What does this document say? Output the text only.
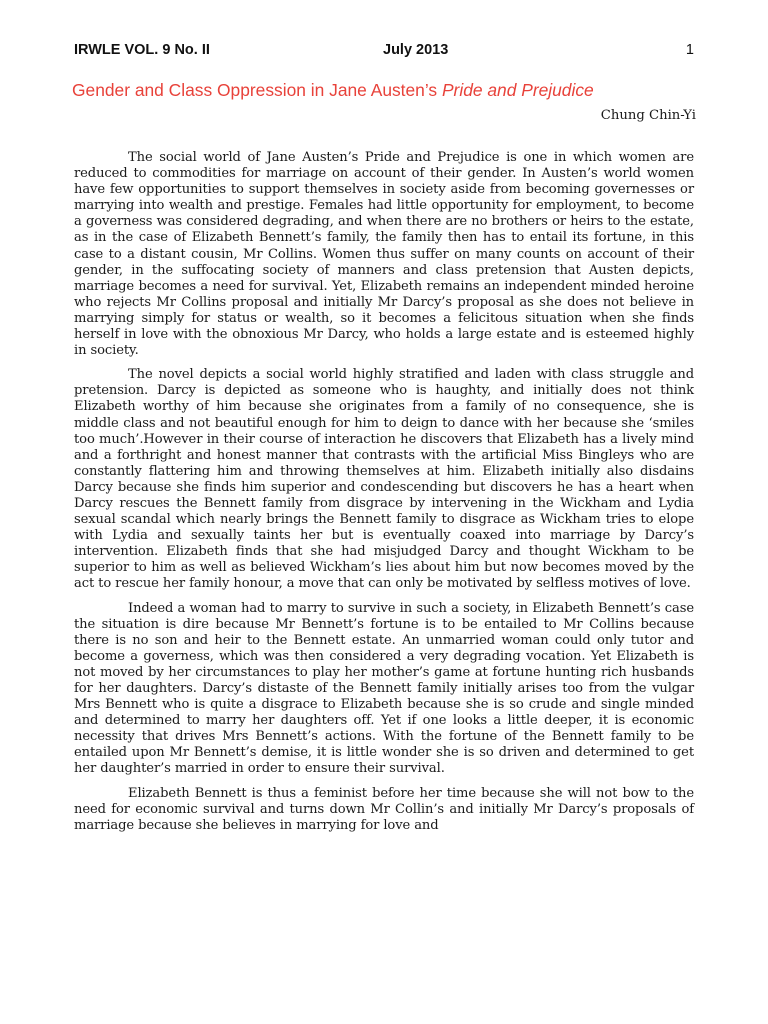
IRWLE VOL. 9 No. II	July 2013	1
Gender and Class Oppression in Jane Austen’s Pride and Prejudice
Chung Chin-Yi

The social world of Jane Austen’s Pride and Prejudice is one in which women are reduced to commodities for marriage on account of their gender. In Austen’s world women have few opportunities to support themselves in society aside from becoming governesses or marrying into wealth and prestige. Females had little opportunity for employment, to become a governess was considered degrading, and when there are no brothers or heirs to the estate, as in the case of Elizabeth Bennett’s family, the family then has to entail its fortune, in this case to a distant cousin, Mr Collins. Women thus suffer on many counts on account of their gender, in the suffocating society of manners and class pretension that Austen depicts, marriage becomes a need for survival. Yet, Elizabeth remains an independent minded heroine who rejects Mr Collins proposal and initially Mr Darcy’s proposal as she does not believe in marrying simply for status or wealth, so it becomes a felicitous situation when she finds herself in love with the obnoxious Mr Darcy, who holds a large estate and is esteemed highly in society.

The novel depicts a social world highly stratified and laden with class struggle and pretension. Darcy is depicted as someone who is haughty, and initially does not think Elizabeth worthy of him because she originates from a family of no consequence, she is middle class and not beautiful enough for him to deign to dance with her because she ‘smiles too much’.However in their course of interaction he discovers that Elizabeth has a lively mind and a forthright and honest manner that contrasts with the artificial Miss Bingleys who are constantly flattering him and throwing themselves at him. Elizabeth initially also disdains Darcy because she finds him superior and condescending but discovers he has a heart when Darcy rescues the Bennett family from disgrace by intervening in the Wickham and Lydia sexual scandal which nearly brings the Bennett family to disgrace as Wickham tries to elope with Lydia and sexually taints her but is eventually coaxed into marriage by Darcy’s intervention. Elizabeth finds that she had misjudged Darcy and thought Wickham to be superior to him as well as believed Wickham’s lies about him but now becomes moved by the act to rescue her family honour, a move that can only be motivated by selfless motives of love.

Indeed a woman had to marry to survive in such a society, in Elizabeth Bennett’s case the situation is dire because Mr Bennett’s fortune is to be entailed to Mr Collins because there is no son and heir to the Bennett estate. An unmarried woman could only tutor and become a governess, which was then considered a very degrading vocation. Yet Elizabeth is not moved by her circumstances to play her mother’s game at fortune hunting rich husbands for her daughters. Darcy’s distaste of the Bennett family initially arises too from the vulgar Mrs Bennett who is quite a disgrace to Elizabeth because she is so crude and single minded and determined to marry her daughters off. Yet if one looks a little deeper, it is economic necessity that drives Mrs Bennett’s actions. With the fortune of the Bennett family to be entailed upon Mr Bennett’s demise, it is little wonder she is so driven and determined to get her daughter’s married in order to ensure their survival.

Elizabeth Bennett is thus a feminist before her time because she will not bow to the need for economic survival and turns down Mr Collin’s and initially Mr Darcy’s proposals of marriage because she believes in marrying for love and
